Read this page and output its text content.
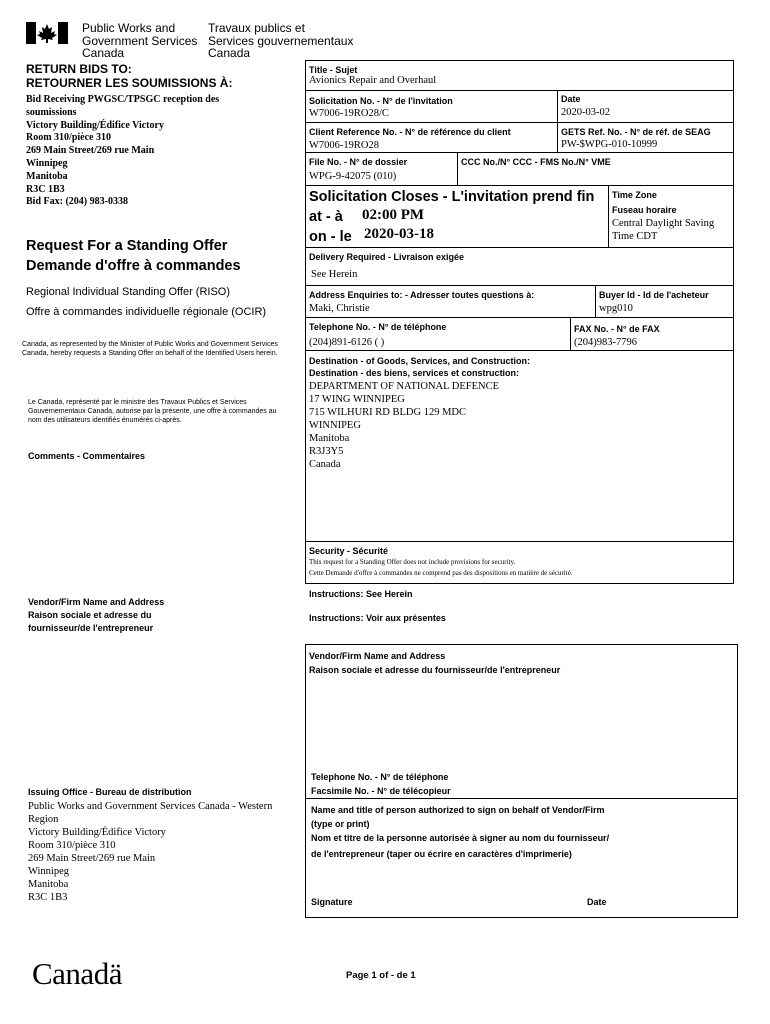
Public Works and
Government Services
Canada
Travaux publics et
Services gouvernementaux
Canada
RETURN BIDS TO:
RETOURNER LES SOUMISSIONS À:
Bid Receiving PWGSC/TPSGC reception des
soumissions
Victory Building/Édifice Victory
Room 310/pièce 310
269 Main Street/269 rue Main
Winnipeg
Manitoba
R3C 1B3
Bid Fax: (204) 983-0338
Request For a Standing Offer
Demande d'offre à commandes
Regional Individual Standing Offer (RISO)
Offre à commandes individuelle régionale (OCIR)
Canada, as represented by the Minister of Public Works and Government Services Canada, hereby requests a Standing Offer on behalf of the Identified Users herein.
Le Canada, représenté par le ministre des Travaux Publics et Services Gouvernementaux Canada, autorise par la présente, une offre à commandes au nom des utilisateurs identifiés énumérés ci-après.
Comments - Commentaires
Vendor/Firm Name and Address
Raison sociale et adresse du
fournisseur/de l'entrepreneur
Issuing Office - Bureau de distribution
Public Works and Government Services Canada - Western
Region
Victory Building/Édifice Victory
Room 310/pièce 310
269 Main Street/269 rue Main
Winnipeg
Manitoba
R3C 1B3
Title - Sujet
Avionics Repair and Overhaul
Solicitation No. - N° de l'invitation
W7006-19RO28/C
Date
2020-03-02
Client Reference No. - N° de référence du client
W7006-19RO28
GETS Ref. No. - N° de réf. de SEAG
PW-$WPG-010-10999
File No. - N° de dossier
WPG-9-42075 (010)
CCC No./N° CCC - FMS No./N° VME
Solicitation Closes - L'invitation prend fin
at - à 02:00 PM
on - le 2020-03-18
Time Zone
Fuseau horaire
Central Daylight Saving
Time CDT
Delivery Required - Livraison exigée
See Herein
Address Enquiries to: - Adresser toutes questions à:
Maki, Christie
Buyer Id - Id de l'acheteur
wpg010
Telephone No. - N° de téléphone
(204)891-6126 ( )
FAX No. - N° de FAX
(204)983-7796
Destination - of Goods, Services, and Construction:
Destination - des biens, services et construction:
DEPARTMENT OF NATIONAL DEFENCE
17 WING WINNIPEG
715 WILHURI RD BLDG 129 MDC
WINNIPEG
Manitoba
R3J3Y5
Canada
Security - Sécurité
This request for a Standing Offer does not include provisions for security.
Cette Demande d'offre à commandes ne comprend pas des dispositions en matière de sécurité.
Instructions: See Herein
Instructions: Voir aux présentes
Vendor/Firm Name and Address
Raison sociale et adresse du fournisseur/de l'entrepreneur
Telephone No. - N° de téléphone
Facsimile No. - N° de télécopieur
Name and title of person authorized to sign on behalf of Vendor/Firm
(type or print)
Nom et titre de la personne autorisée à signer au nom du fournisseur/
de l'entrepreneur (taper ou écrire en caractères d'imprimerie)
Signature	Date
Canadä	Page 1 of - de 1
